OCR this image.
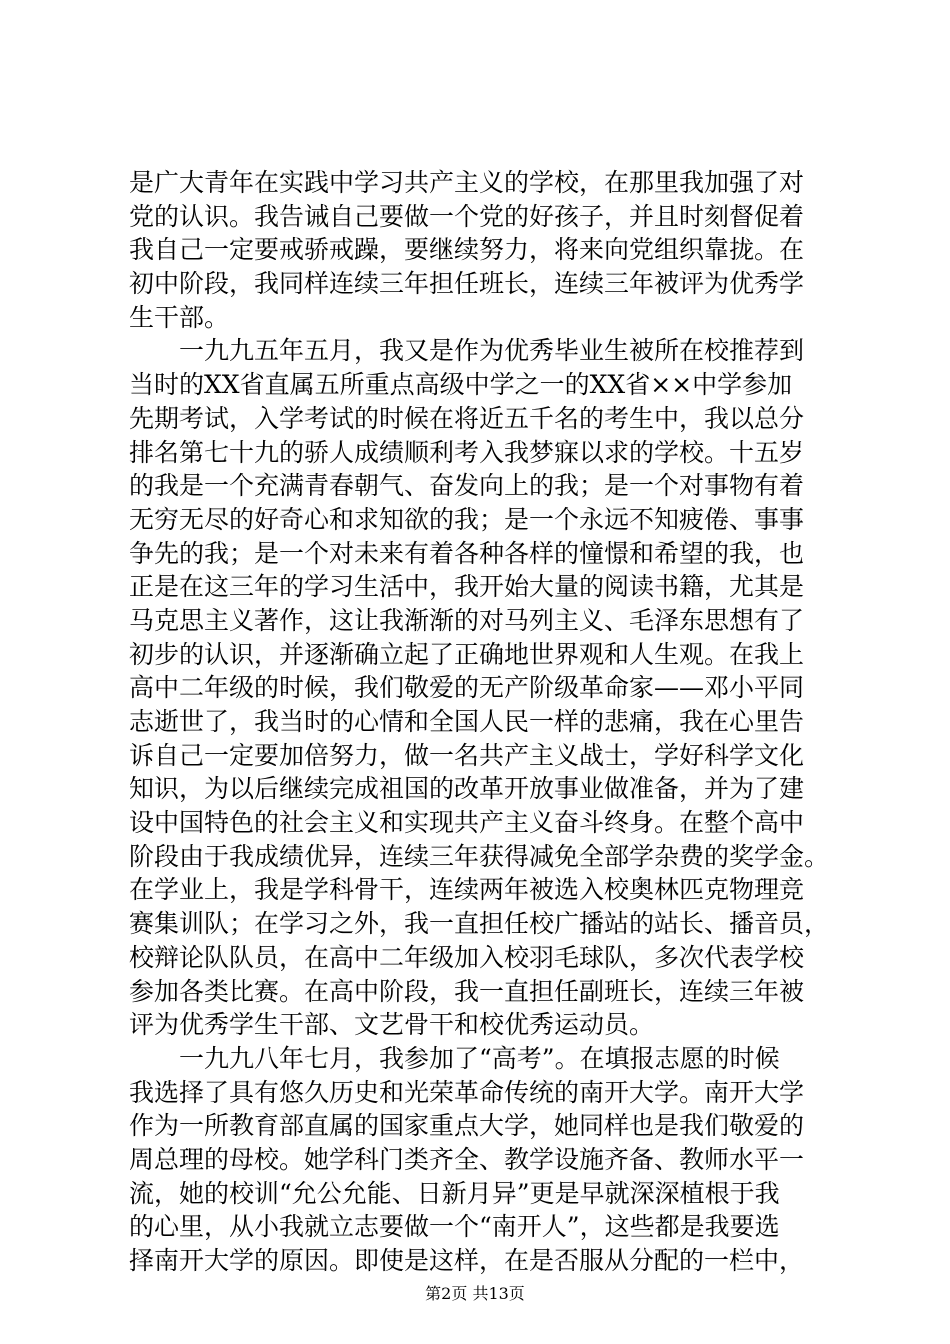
是广大青年在实践中学习共产主义的学校，在那里我加强了对
党的认识。我告诫自己要做一个党的好孩子，并且时刻督促着
我自己一定要戒骄戒躁，要继续努力，将来向党组织靠拢。在
初中阶段，我同样连续三年担任班长，连续三年被评为优秀学
生干部。
　　一九九五年五月，我又是作为优秀毕业生被所在校推荐到
当时的XX省直属五所重点高级中学之一的XX省××中学参加
先期考试，入学考试的时候在将近五千名的考生中，我以总分
排名第七十九的骄人成绩顺利考入我梦寐以求的学校。十五岁
的我是一个充满青春朝气、奋发向上的我；是一个对事物有着
无穷无尽的好奇心和求知欲的我；是一个永远不知疲倦、事事
争先的我；是一个对未来有着各种各样的憧憬和希望的我，也
正是在这三年的学习生活中，我开始大量的阅读书籍，尤其是
马克思主义著作，这让我渐渐的对马列主义、毛泽东思想有了
初步的认识，并逐渐确立起了正确地世界观和人生观。在我上
高中二年级的时候，我们敬爱的无产阶级革命家——邓小平同
志逝世了，我当时的心情和全国人民一样的悲痛，我在心里告
诉自己一定要加倍努力，做一名共产主义战士，学好科学文化
知识，为以后继续完成祖国的改革开放事业做准备，并为了建
设中国特色的社会主义和实现共产主义奋斗终身。在整个高中
阶段由于我成绩优异，连续三年获得减免全部学杂费的奖学金。
在学业上，我是学科骨干，连续两年被选入校奥林匹克物理竞
赛集训队；在学习之外，我一直担任校广播站的站长、播音员，
校辩论队队员，在高中二年级加入校羽毛球队，多次代表学校
参加各类比赛。在高中阶段，我一直担任副班长，连续三年被
评为优秀学生干部、文艺骨干和校优秀运动员。
　　一九九八年七月，我参加了“高考”。在填报志愿的时候
我选择了具有悠久历史和光荣革命传统的南开大学。南开大学
作为一所教育部直属的国家重点大学，她同样也是我们敬爱的
周总理的母校。她学科门类齐全、教学设施齐备、教师水平一
流，她的校训“允公允能、日新月异”更是早就深深植根于我
的心里，从小我就立志要做一个“南开人”，这些都是我要选
择南开大学的原因。即使是这样，在是否服从分配的一栏中，
第2页 共13页
